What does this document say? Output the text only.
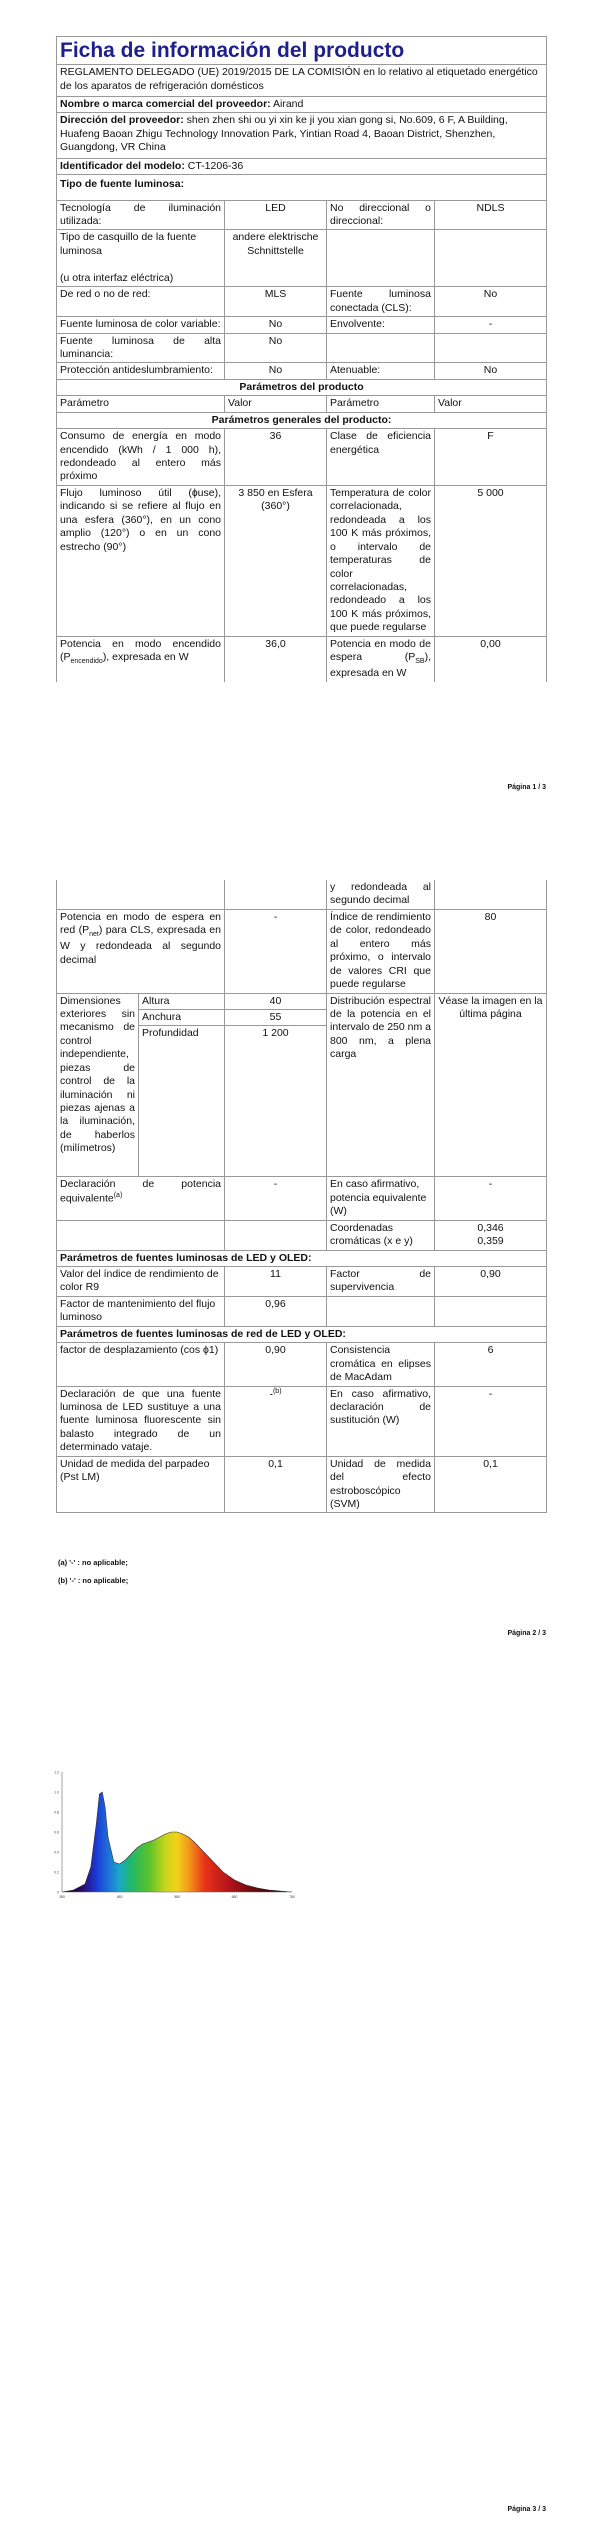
Ficha de información del producto			
REGLAMENTO DELEGADO (UE) 2019/2015 DE LA COMISIÓN en lo relativo al etiquetado energético de los aparatos de refrigeración domésticos			
Nombre o marca comercial del proveedor: Airand			
Dirección del proveedor: shen zhen shi ou yi xin ke ji you xian gong si, No.609, 6 F, A Building, Huafeng Baoan Zhigu Technology Innovation Park, Yintian Road 4, Baoan District, Shenzhen, Guangdong, VR China			
Identificador del modelo: CT-1206-36			
Tipo de fuente luminosa:			
Tecnología de iluminación utilizada:	LED	No direccional o direccional:	NDLS
Tipo de casquillo de la fuente luminosa

(u otra interfaz eléctrica)	andere elektrische Schnittstelle		
De red o no de red:	MLS	Fuente luminosa conectada (CLS):	No
Fuente luminosa de color variable:	No	Envolvente:	-
Fuente luminosa de alta luminancia:	No		
Protección antideslumbramiento:	No	Atenuable:	No
Parámetros del producto			
Parámetro	Valor	Parámetro	Valor
Parámetros generales del producto:			
Consumo de energía en modo encendido (kWh / 1 000 h), redondeado al entero más próximo	36	Clase de eficiencia energética	F
Flujo luminoso útil (ɸuse), indicando si se refiere al flujo en una esfera (360°), en un cono amplio (120°) o en un cono estrecho (90°)	3 850 en Esfera (360°)	Temperatura de color correlacionada, redondeada a los 100 K más próximos, o intervalo de temperaturas de color correlacionadas, redondeado a los 100 K más próximos, que puede regularse	5 000
Potencia en modo encendido $(P_{encendido})$, expresada en W	36,0	Potencia en modo de espera $(P_{SB})$, expresada en W	0,00
Página 1 / 3
			y redondeada al segundo decimal	
Potencia en modo de espera en red $(P_{net})$ para CLS, expresada en W y redondeada al segundo decimal		-	Índice de rendimiento de color, redondeado al entero más próximo, o intervalo de valores CRI que puede regularse	80
Dimensiones exteriores sin mecanismo de control independiente, piezas de control de la iluminación ni piezas ajenas a la iluminación, de haberlos (milímetros)	Altura	40	Distribución espectral de la potencia en el intervalo de 250 nm a 800 nm, a plena carga	Véase la imagen en la última página
	Anchura	55		
	Profundidad	1 200		
Declaración de potencia equivalente$^{(a)}$		-	En caso afirmativo, potencia equivalente (W)	-
			Coordenadas cromáticas (x e y)	0,346
0,359
Parámetros de fuentes luminosas de LED y OLED:				
Valor del índice de rendimiento de color R9		11	Factor de supervivencia	0,90
Factor de mantenimiento del flujo luminoso		0,96		
Parámetros de fuentes luminosas de red de LED y OLED:				
factor de desplazamiento (cos ϕ1)		0,90	Consistencia cromática en elipses de MacAdam	6
Declaración de que una fuente luminosa de LED sustituye a una fuente luminosa fluorescente sin balasto integrado de un determinado vataje.		-$^{(b)}$	En caso afirmativo, declaración de sustitución (W)	-
Unidad de medida del parpadeo (Pst LM)		0,1	Unidad de medida del efecto estroboscópico (SVM)	0,1
(a) '-' : no aplicable;
(b) '-' : no aplicable;
Página 2 / 3
0
0.2
0.4
0.6
0.8
1.0
1.2
380	480	580	680	780
Página 3 / 3
